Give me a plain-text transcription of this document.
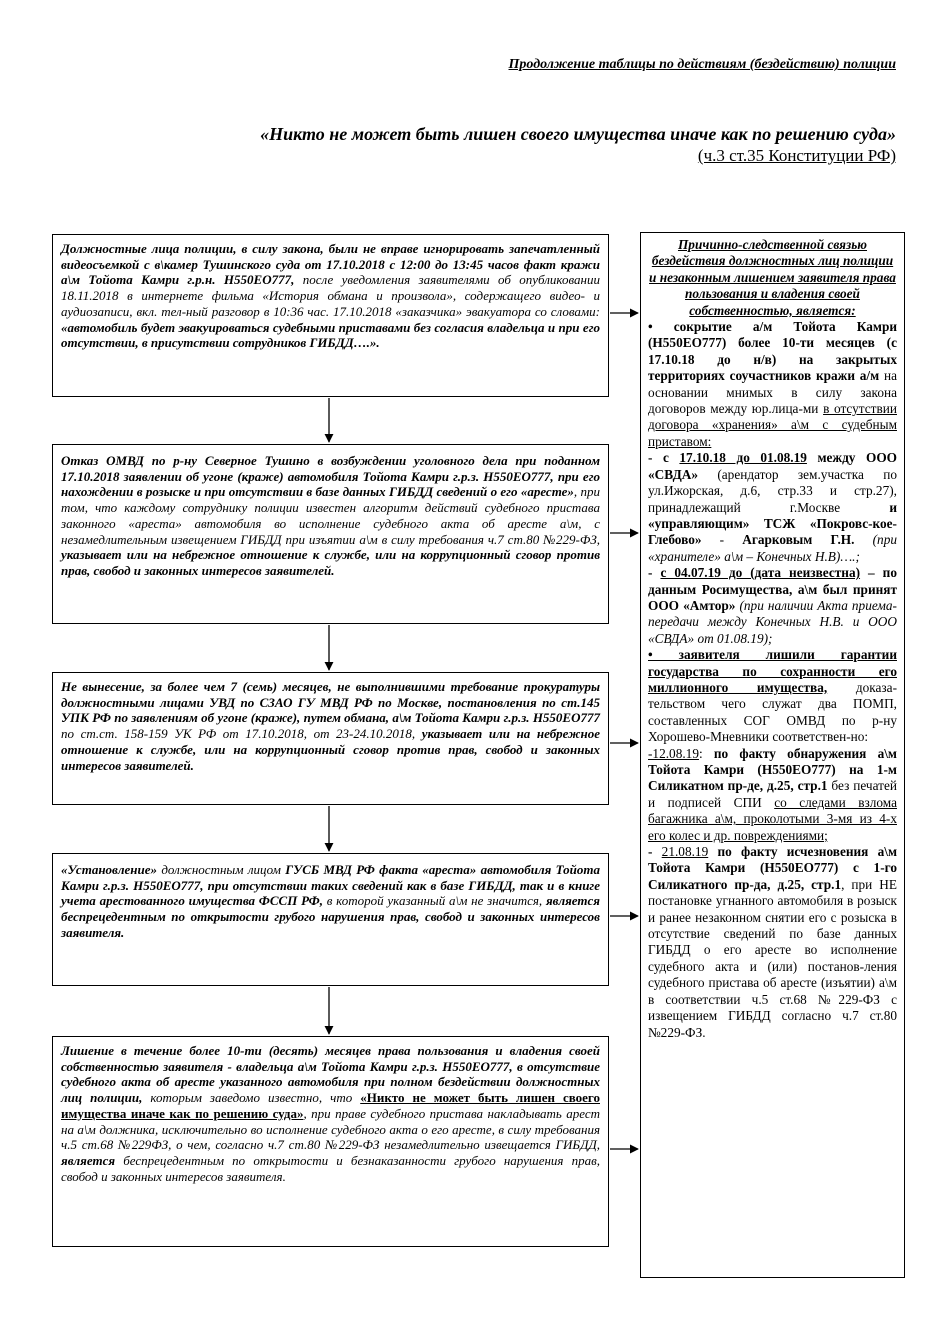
Продолжение таблицы по действиям (бездействию) полиции
«Никто не может быть лишен своего имущества иначе как по решению суда»
(ч.3 ст.35 Конституции РФ)

Должностные лица полиции, в силу закона, были не вправе игнорировать запечатленный видеосъемкой с в\камер Тушинского суда от 17.10.2018 с 12:00 до 13:45 часов факт кражи а\м Тойота Камри г.р.н. Н550ЕО777, после уведомления заявителями об опубликовании 18.11.2018 в интернете фильма «История обмана и произвола», содержащего видео- и аудиозаписи, вкл. тел-ный разговор в 10:36 час. 17.10.2018 «заказчика» эвакуатора со словами: «автомобиль будет эвакуироваться судебными приставами без согласия владельца и при его отсутствии, в присутствии сотрудников ГИБДД….».

Отказ ОМВД по р-ну Северное Тушино в возбуждении уголовного дела при поданном 17.10.2018 заявлении об угоне (краже) автомобиля Тойота Камри г.р.з. Н550ЕО777, при его нахождении в розыске и при отсутствии в базе данных ГИБДД сведений о его «аресте», при том, что каждому сотруднику полиции известен алгоритм действий судебного пристава законного «ареста» автомобиля во исполнение судебного акта об аресте а\м, с незамедлительным извещением ГИБДД при изъятии а\м в силу требования ч.7 ст.80 №229-ФЗ, указывает или на небрежное отношение к службе, или на коррупционный сговор против прав, свобод и законных интересов заявителей.

Не вынесение, за более чем 7 (семь) месяцев, не выполнившими требование прокуратуры должностными лицами УВД по СЗАО ГУ МВД РФ по Москве, постановления по ст.145 УПК РФ по заявлениям об угоне (краже), путем обмана, а\м Тойота Камри г.р.з. Н550ЕО777 по ст.ст. 158-159 УК РФ от 17.10.2018, от 23-24.10.2018, указывает или на небрежное отношение к службе, или на коррупционный сговор против прав, свобод и законных интересов заявителей.

«Установление» должностным лицом ГУСБ МВД РФ факта «ареста» автомобиля Тойота Камри г.р.з. Н550ЕО777, при отсутствии таких сведений как в базе ГИБДД, так и в книге учета арестованного имущества ФССП РФ, в которой указанный а\м не значится, является беспрецедентным по открытости грубого нарушения прав, свобод и законных интересов заявителя.

Лишение в течение более 10-ти (десять) месяцев права пользования и владения своей собственностью заявителя - владельца а\м Тойота Камри г.р.з. Н550ЕО777, в отсутствие судебного акта об аресте указанного автомобиля при полном бездействии должностных лиц полиции, которым заведомо известно, что «Никто не может быть лишен своего имущества иначе как по решению суда», при праве судебного пристава накладывать арест на а\м должника, исключительно во исполнение судебного акта о его аресте, в силу требования ч.5 ст.68 №229ФЗ, о чем, согласно ч.7 ст.80 №229-ФЗ незамедлительно извещается ГИБДД, является беспрецедентным по открытости и безнаказанности грубого нарушения прав, свобод и законных интересов заявителя.

Причинно-следственной связью бездействия должностных лиц полиции и незаконным лишением заявителя права пользования и владения своей собственностью, является:

• сокрытие а/м Тойота Камри (Н550ЕО777) более 10-ти месяцев (с 17.10.18 до н/в) на закрытых территориях соучастников кражи а/м на основании мнимых в силу закона договоров между юр.лица-ми в отсутствии договора «хранения» а\м с судебным приставом:

- с 17.10.18 до 01.08.19 между ООО «СВДА» (арендатор зем.участка по ул.Ижорская, д.6, стр.33 и стр.27), принадлежащий г.Москве и «управляющим» ТСЖ «Покровс-кое-Глебово» - Агарковым Г.Н. (при «хранителе» а\м – Конечных Н.В)….;

- с 04.07.19 до (дата неизвестна) – по данным Росимущества, а\м был принят ООО «Амтор» (при наличии Акта приема-передачи между Конечных Н.В. и ООО «СВДА» от 01.08.19);

• заявителя лишили гарантии государства по сохранности его миллионного имущества, доказа-тельством чего служат два ПОМП, составленных СОГ ОМВД по р-ну Хорошево-Мневники соответствен-но:

-12.08.19: по факту обнаружения а\м Тойота Камри (Н550ЕО777) на 1-м Силикатном пр-де, д.25, стр.1 без печатей и подписей СПИ со следами взлома багажника а\м, проколотыми 3-мя из 4-х его колес и др. повреждениями;

- 21.08.19 по факту исчезновения а\м Тойота Камри (Н550ЕО777) с 1-го Силикатного пр-да, д.25, стр.1, при НЕ постановке угнанного автомобиля в розыск и ранее незаконном снятии его с розыска в отсутствие сведений по базе данных ГИБДД о его аресте во исполнение судебного акта и (или) постанов-ления судебного пристава об аресте (изъятии) а\м в соответствии ч.5 ст.68 №229-ФЗ с извещением ГИБДД согласно ч.7 ст.80 №229-ФЗ.
